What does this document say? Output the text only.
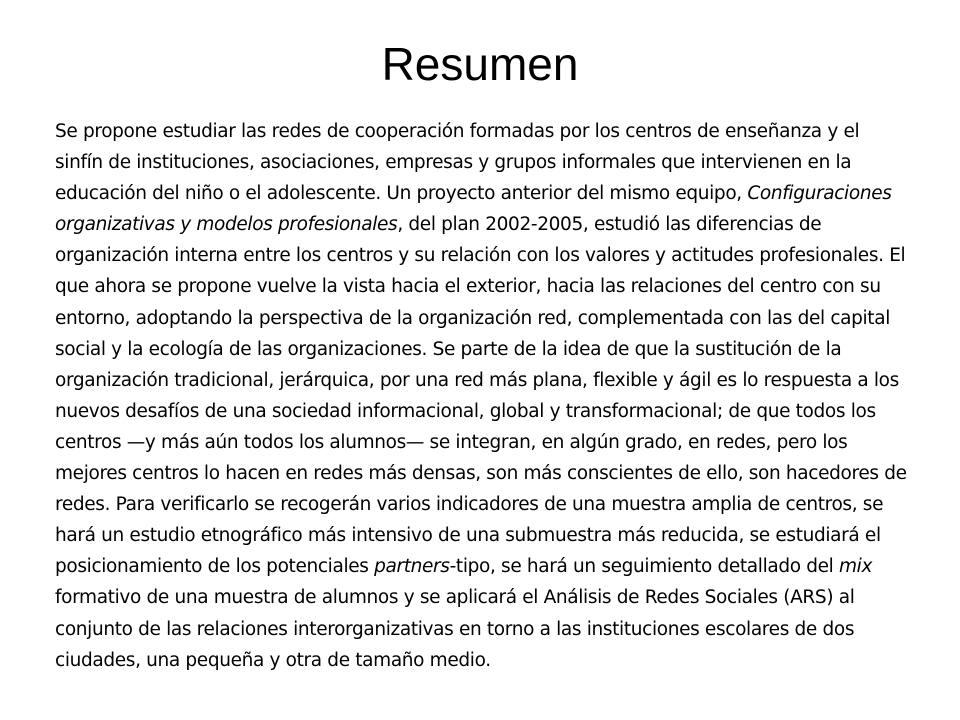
Resumen
Se propone estudiar las redes de cooperación formadas por los centros de enseñanza y el
sinfín de instituciones, asociaciones, empresas y grupos informales que intervienen en la
educación del niño o el adolescente. Un proyecto anterior del mismo equipo, Configuraciones
organizativas y modelos profesionales, del plan 2002-2005, estudió las diferencias de
organización interna entre los centros y su relación con los valores y actitudes profesionales. El
que ahora se propone vuelve la vista hacia el exterior, hacia las relaciones del centro con su
entorno, adoptando la perspectiva de la organización red, complementada con las del capital
social y la ecología de las organizaciones. Se parte de la idea de que la sustitución de la
organización tradicional, jerárquica, por una red más plana, flexible y ágil es lo respuesta a los
nuevos desafíos de una sociedad informacional, global y transformacional; de que todos los
centros —y más aún todos los alumnos— se integran, en algún grado, en redes, pero los
mejores centros lo hacen en redes más densas, son más conscientes de ello, son hacedores de
redes. Para verificarlo se recogerán varios indicadores de una muestra amplia de centros, se
hará un estudio etnográfico más intensivo de una submuestra más reducida, se estudiará el
posicionamiento de los potenciales partners-tipo, se hará un seguimiento detallado del mix
formativo de una muestra de alumnos y se aplicará el Análisis de Redes Sociales (ARS) al
conjunto de las relaciones interorganizativas en torno a las instituciones escolares de dos
ciudades, una pequeña y otra de tamaño medio.
